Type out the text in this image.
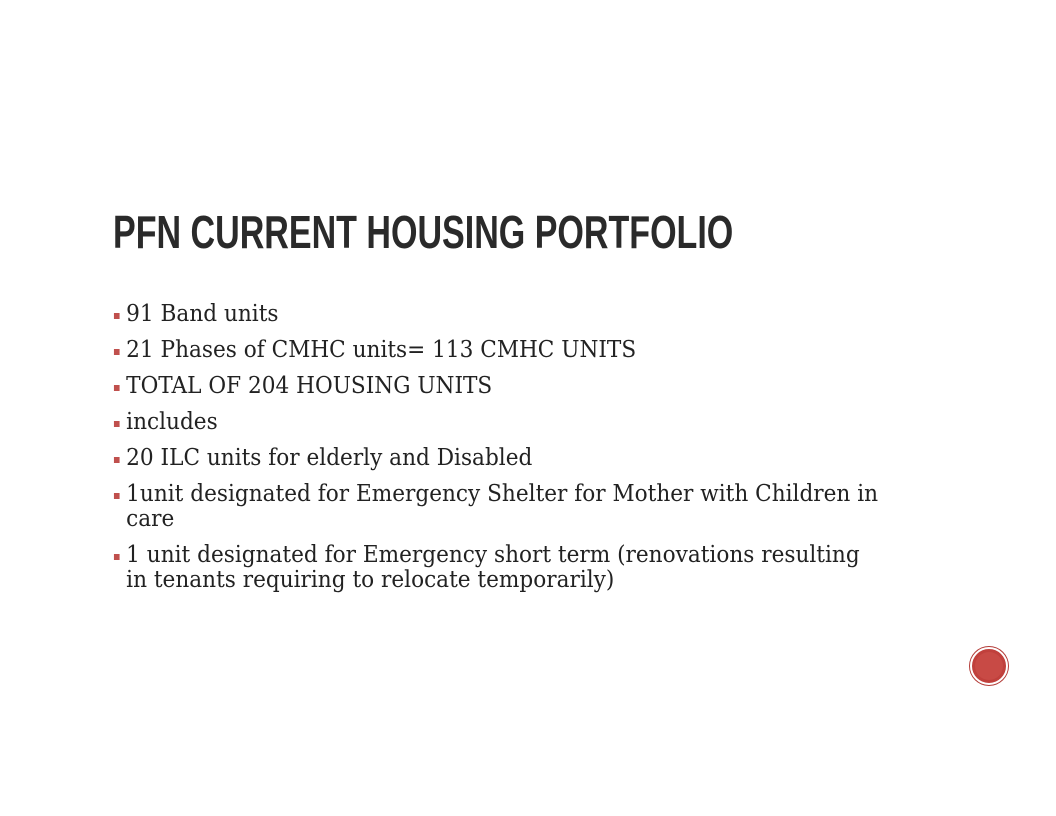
PFN CURRENT HOUSING PORTFOLIO
91 Band units
21 Phases of CMHC units= 113 CMHC UNITS
TOTAL OF 204 HOUSING UNITS
includes
20 ILC units for elderly and Disabled
1unit designated for Emergency Shelter for Mother with Children in care
1 unit designated for Emergency short term (renovations resulting in tenants requiring to relocate temporarily)
